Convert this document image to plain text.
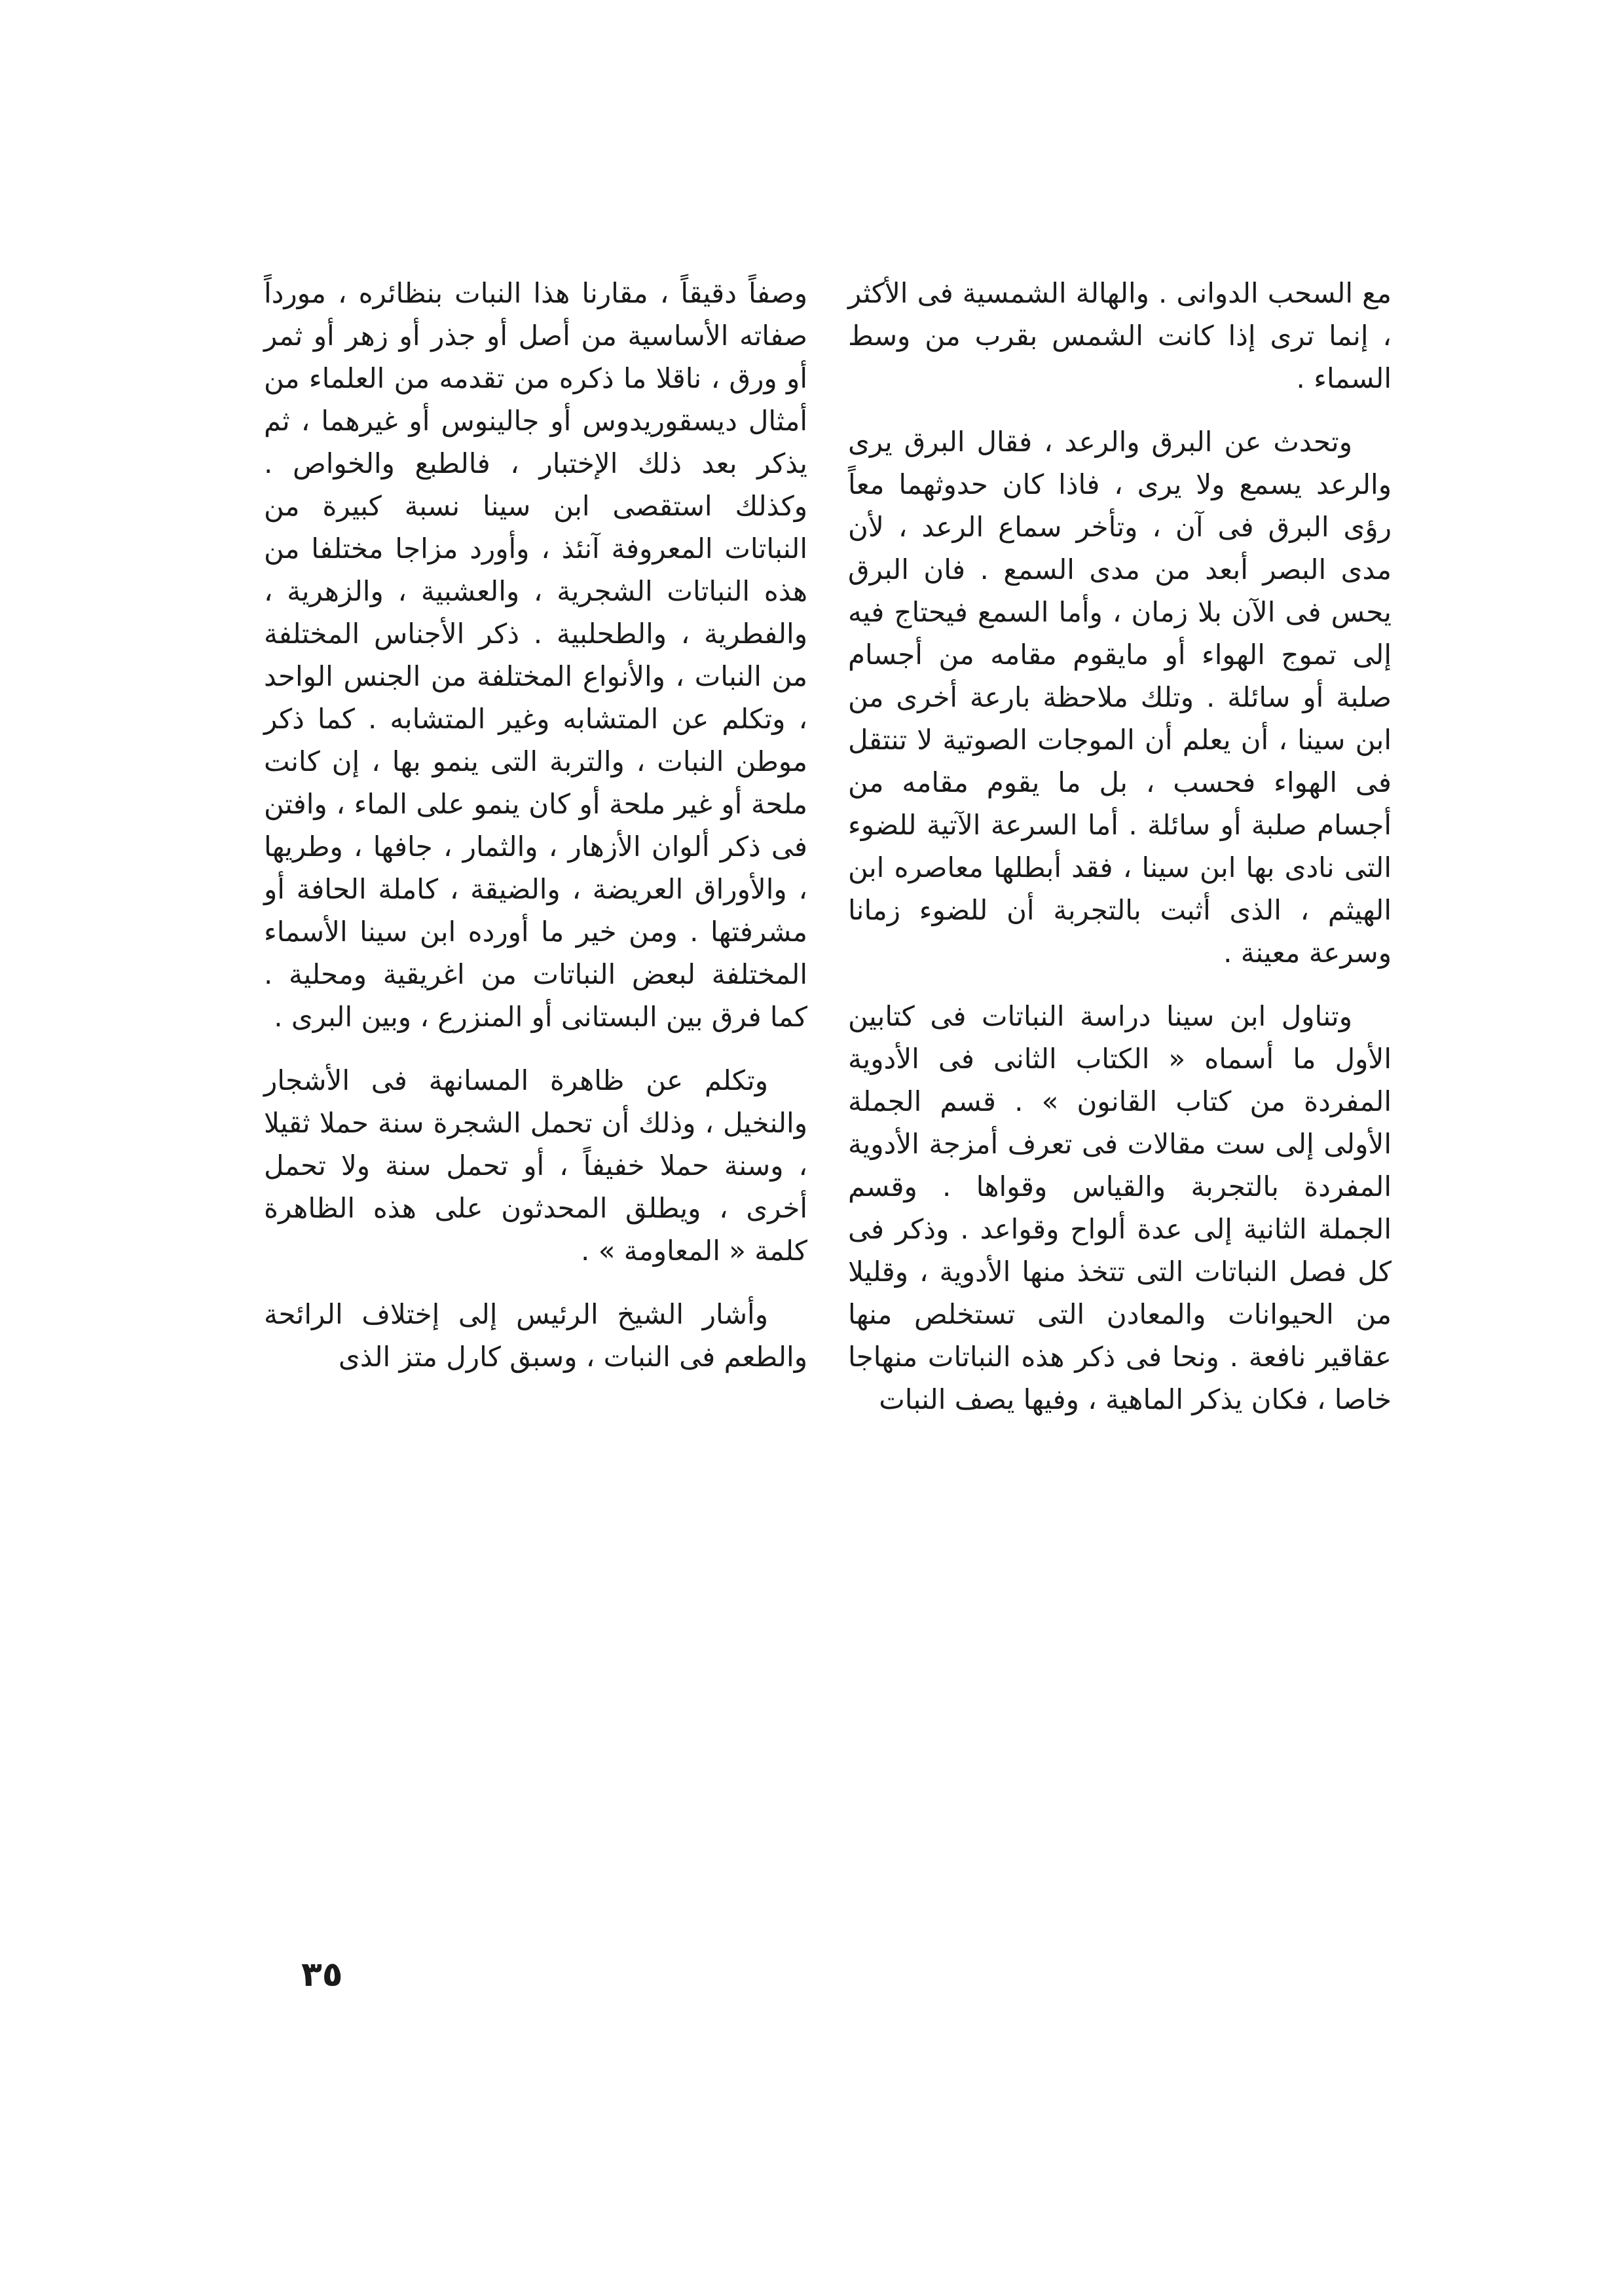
مع السحب الدوانى . والهالة الشمسية فى الأكثر ، إنما ترى إذا كانت الشمس بقرب من وسط السماء .

وتحدث عن البرق والرعد ، فقال البرق يرى والرعد يسمع ولا يرى ، فاذا كان حدوثهما معاً رؤى البرق فى آن ، وتأخر سماع الرعد ، لأن مدى البصر أبعد من مدى السمع . فان البرق يحس فى الآن بلا زمان ، وأما السمع فيحتاج فيه إلى تموج الهواء أو مايقوم مقامه من أجسام صلبة أو سائلة . وتلك ملاحظة بارعة أخرى من ابن سينا ، أن يعلم أن الموجات الصوتية لا تنتقل فى الهواء فحسب ، بل ما يقوم مقامه من أجسام صلبة أو سائلة . أما السرعة الآتية للضوء التى نادى بها ابن سينا ، فقد أبطلها معاصره ابن الهيثم ، الذى أثبت بالتجربة أن للضوء زمانا وسرعة معينة .

وتناول ابن سينا دراسة النباتات فى كتابين الأول ما أسماه « الكتاب الثانى فى الأدوية المفردة من كتاب القانون » . قسم الجملة الأولى إلى ست مقالات فى تعرف أمزجة الأدوية المفردة بالتجربة والقياس وقواها . وقسم الجملة الثانية إلى عدة ألواح وقواعد . وذكر فى كل فصل النباتات التى تتخذ منها الأدوية ، وقليلا من الحيوانات والمعادن التى تستخلص منها عقاقير نافعة . ونحا فى ذكر هذه النباتات منهاجا خاصا ، فكان يذكر الماهية ، وفيها يصف النبات

وصفاً دقيقاً ، مقارنا هذا النبات بنظائره ، مورداً صفاته الأساسية من أصل أو جذر أو زهر أو ثمر أو ورق ، ناقلا ما ذكره من تقدمه من العلماء من أمثال ديسقوريدوس أو جالينوس أو غيرهما ، ثم يذكر بعد ذلك الإختبار ، فالطبع والخواص . وكذلك استقصى ابن سينا نسبة كبيرة من النباتات المعروفة آنئذ ، وأورد مزاجا مختلفا من هذه النباتات الشجرية ، والعشبية ، والزهرية ، والفطرية ، والطحلبية . ذكر الأجناس المختلفة من النبات ، والأنواع المختلفة من الجنس الواحد ، وتكلم عن المتشابه وغير المتشابه . كما ذكر موطن النبات ، والتربة التى ينمو بها ، إن كانت ملحة أو غير ملحة أو كان ينمو على الماء ، وافتن فى ذكر ألوان الأزهار ، والثمار ، جافها ، وطريها ، والأوراق العريضة ، والضيقة ، كاملة الحافة أو مشرفتها . ومن خير ما أورده ابن سينا الأسماء المختلفة لبعض النباتات من اغريقية ومحلية . كما فرق بين البستانى أو المنزرع ، وبين البرى .

وتكلم عن ظاهرة المسانهة فى الأشجار والنخيل ، وذلك أن تحمل الشجرة سنة حملا ثقيلا ، وسنة حملا خفيفاً ، أو تحمل سنة ولا تحمل أخرى ، ويطلق المحدثون على هذه الظاهرة كلمة « المعاومة » .

وأشار الشيخ الرئيس إلى إختلاف الرائحة والطعم فى النبات ، وسبق كارل متز الذى

٣٥
